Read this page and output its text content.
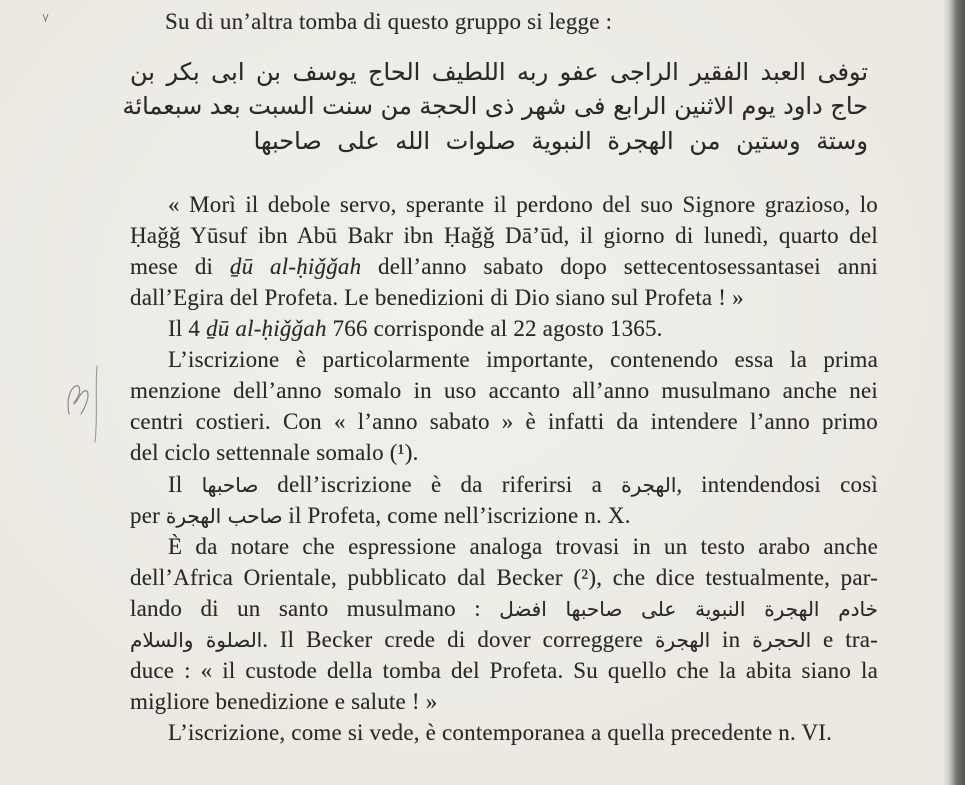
Su di un’altra tomba di questo gruppo si legge :
توفى العبد الفقير الراجى عفو ربه اللطيف الحاج يوسف بن ابى بكر بن
حاج داود يوم الاثنين الرابع فى شهر ذى الحجة من سنت السبت بعد سبعمائة
وستة وستين من الهجرة النبوية صلوات الله على صاحبها
« Morì il debole servo, sperante il perdono del suo Signore grazioso, lo
Ḥaǧǧ Yūsuf ibn Abū Bakr ibn Ḥaǧǧ Dā’ūd, il giorno di lunedì, quarto del
mese di ḏū al-ḥiǧǧah dell’anno sabato dopo settecentosessantasei anni
dall’Egira del Profeta. Le benedizioni di Dio siano sul Profeta ! »
Il 4 ḏū al-ḥiǧǧah 766 corrisponde al 22 agosto 1365.
L’iscrizione è particolarmente importante, contenendo essa la prima
menzione dell’anno somalo in uso accanto all’anno musulmano anche nei
centri costieri. Con « l’anno sabato » è infatti da intendere l’anno primo
del ciclo settennale somalo (¹).
Il صاحبها dell’iscrizione è da riferirsi a الهجرة, intendendosi così
per صاحب الهجرة il Profeta, come nell’iscrizione n. X.
È da notare che espressione analoga trovasi in un testo arabo anche
dell’Africa Orientale, pubblicato dal Becker (²), che dice testualmente, par-
lando di un santo musulmano : خادم الهجرة النبوية على صاحبها افضل
الصلوة والسلام. Il Becker crede di dover correggere الهجرة in الحجرة e tra-
duce : « il custode della tomba del Profeta. Su quello che la abita siano la
migliore benedizione e salute ! »
L’iscrizione, come si vede, è contemporanea a quella precedente n. VI.
